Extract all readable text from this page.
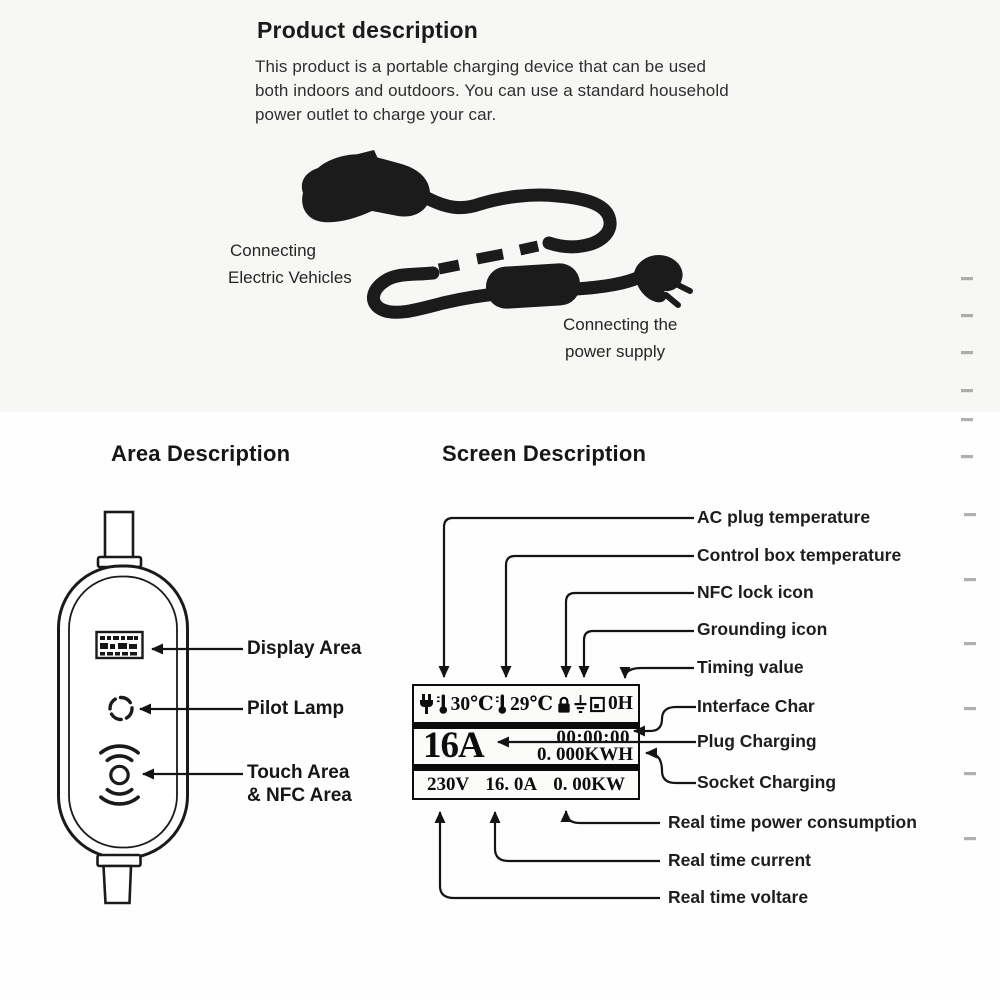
Product description
This product is a portable charging device that can be used
both indoors and outdoors. You can use a standard household
power outlet to charge your car.
Connecting
Electric Vehicles
Connecting the
power supply
Area Description	Screen Description
30℃ 29℃	0H
16A	00:00:00
0. 000KWH
230V 16. 0A 0. 00KW
Display Area
Pilot Lamp
Touch Area
& NFC Area
AC plug temperature
Control box temperature
NFC lock icon
Grounding icon
Timing value
Interface Char
Plug Charging
Socket Charging
Real time power consumption
Real time current
Real time voltare
